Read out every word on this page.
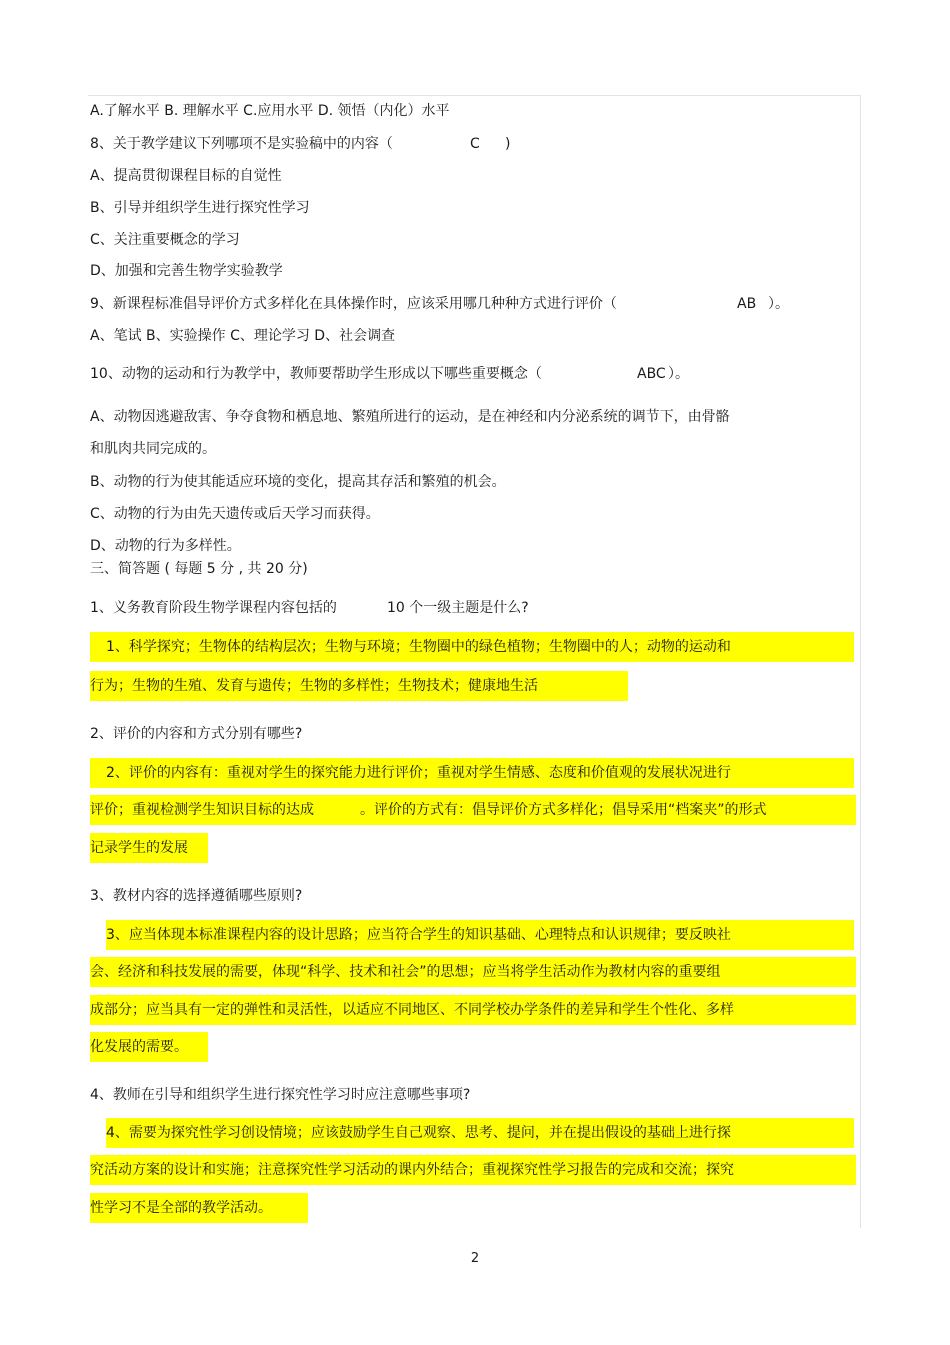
A.了解水平 B. 理解水平 C.应用水平 D. 领悟（内化）水平
8、关于教学建议下列哪项不是实验稿中的内容（	C )
A、提高贯彻课程目标的自觉性
B、引导并组织学生进行探究性学习
C、关注重要概念的学习
D、加强和完善生物学实验教学
9、新课程标准倡导评价方式多样化在具体操作时，应该采用哪几种种方式进行评价（	AB ）。
A、笔试 B、实验操作 C、理论学习 D、社会调查
10、动物的运动和行为教学中，教师要帮助学生形成以下哪些重要概念（	ABC ）。
A、动物因逃避敌害、争夺食物和栖息地、繁殖所进行的运动，是在神经和内分泌系统的调节下，由骨骼
和肌肉共同完成的。
B、动物的行为使其能适应环境的变化，提高其存活和繁殖的机会。
C、动物的行为由先天遗传或后天学习而获得。
D、动物的行为多样性。
三、简答题 ( 每题 5 分 , 共 20 分)
1、义务教育阶段生物学课程内容包括的	10 个一级主题是什么?
1、科学探究；生物体的结构层次；生物与环境；生物圈中的绿色植物；生物圈中的人；动物的运动和
行为；生物的生殖、发育与遗传；生物的多样性；生物技术；健康地生活
2、评价的内容和方式分别有哪些?
2、评价的内容有：重视对学生的探究能力进行评价；重视对学生情感、态度和价值观的发展状况进行
评价；重视检测学生知识目标的达成	。评价的方式有：倡导评价方式多样化；倡导采用“档案夹”的形式
记录学生的发展
3、教材内容的选择遵循哪些原则?
3、应当体现本标准课程内容的设计思路；应当符合学生的知识基础、心理特点和认识规律；要反映社
会、经济和科技发展的需要，体现“科学、技术和社会”的思想；应当将学生活动作为教材内容的重要组
成部分；应当具有一定的弹性和灵活性，以适应不同地区、不同学校办学条件的差异和学生个性化、多样
化发展的需要。
4、教师在引导和组织学生进行探究性学习时应注意哪些事项?
4、需要为探究性学习创设情境；应该鼓励学生自己观察、思考、提问，并在提出假设的基础上进行探
究活动方案的设计和实施；注意探究性学习活动的课内外结合；重视探究性学习报告的完成和交流；探究
性学习不是全部的教学活动。
2
